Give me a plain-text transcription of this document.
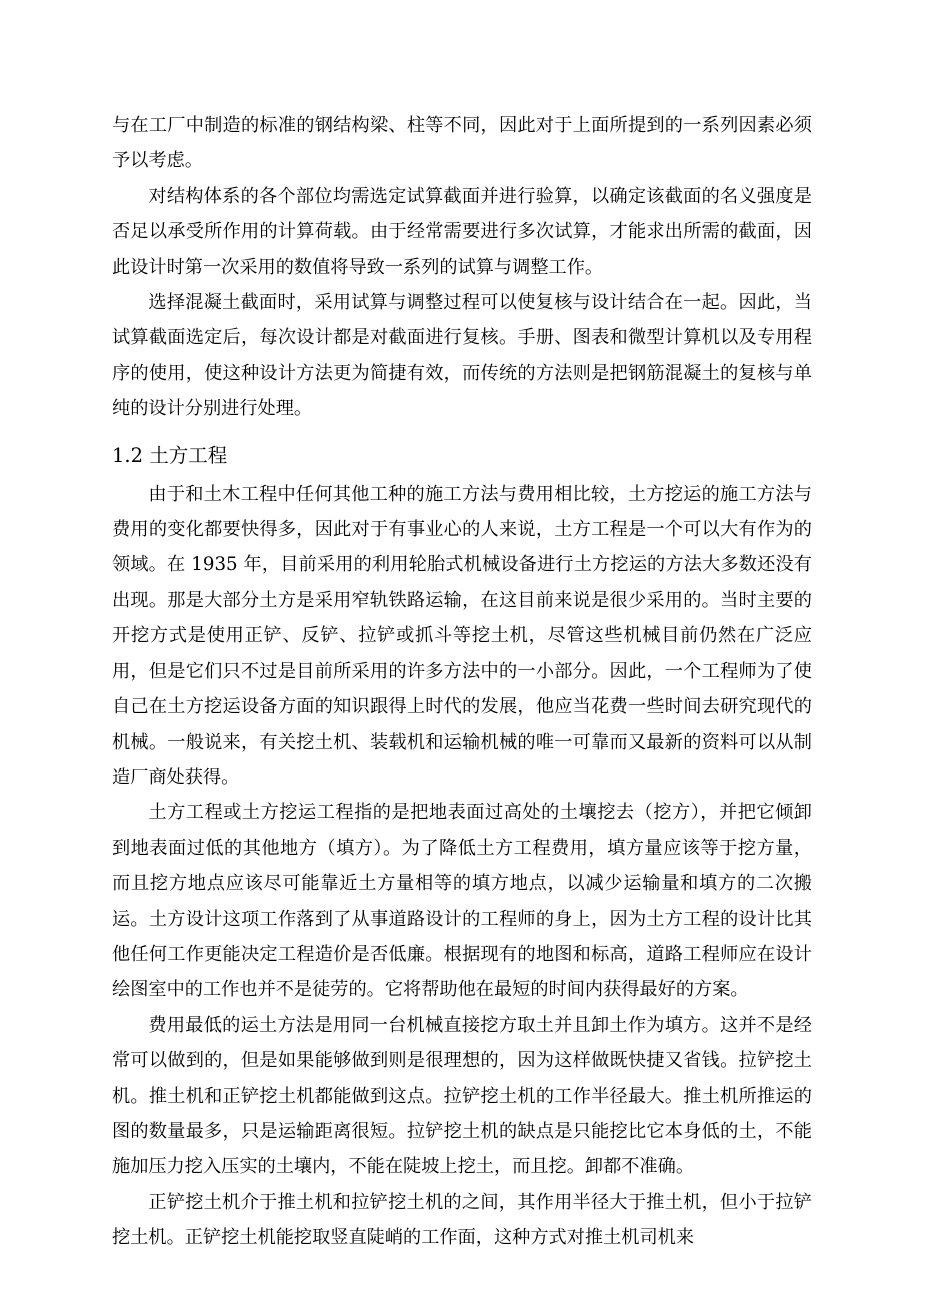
与在工厂中制造的标准的钢结构梁、柱等不同，因此对于上面所提到的一系列因素必须予以考虑。

对结构体系的各个部位均需选定试算截面并进行验算，以确定该截面的名义强度是否足以承受所作用的计算荷载。由于经常需要进行多次试算，才能求出所需的截面，因此设计时第一次采用的数值将导致一系列的试算与调整工作。

选择混凝土截面时，采用试算与调整过程可以使复核与设计结合在一起。因此，当试算截面选定后，每次设计都是对截面进行复核。手册、图表和微型计算机以及专用程序的使用，使这种设计方法更为简捷有效，而传统的方法则是把钢筋混凝土的复核与单纯的设计分别进行处理。

1.2 土方工程

由于和土木工程中任何其他工种的施工方法与费用相比较，土方挖运的施工方法与费用的变化都要快得多，因此对于有事业心的人来说，土方工程是一个可以大有作为的领域。在 1935 年，目前采用的利用轮胎式机械设备进行土方挖运的方法大多数还没有出现。那是大部分土方是采用窄轨铁路运输，在这目前来说是很少采用的。当时主要的开挖方式是使用正铲、反铲、拉铲或抓斗等挖土机，尽管这些机械目前仍然在广泛应用，但是它们只不过是目前所采用的许多方法中的一小部分。因此，一个工程师为了使自己在土方挖运设备方面的知识跟得上时代的发展，他应当花费一些时间去研究现代的机械。一般说来，有关挖土机、装载机和运输机械的唯一可靠而又最新的资料可以从制造厂商处获得。

土方工程或土方挖运工程指的是把地表面过高处的土壤挖去（挖方），并把它倾卸到地表面过低的其他地方（填方）。为了降低土方工程费用，填方量应该等于挖方量，而且挖方地点应该尽可能靠近土方量相等的填方地点，以减少运输量和填方的二次搬运。土方设计这项工作落到了从事道路设计的工程师的身上，因为土方工程的设计比其他任何工作更能决定工程造价是否低廉。根据现有的地图和标高，道路工程师应在设计绘图室中的工作也并不是徒劳的。它将帮助他在最短的时间内获得最好的方案。

费用最低的运土方法是用同一台机械直接挖方取土并且卸土作为填方。这并不是经常可以做到的，但是如果能够做到则是很理想的，因为这样做既快捷又省钱。拉铲挖土机。推土机和正铲挖土机都能做到这点。拉铲挖土机的工作半径最大。推土机所推运的图的数量最多，只是运输距离很短。拉铲挖土机的缺点是只能挖比它本身低的土，不能施加压力挖入压实的土壤内，不能在陡坡上挖土，而且挖。卸都不准确。

正铲挖土机介于推土机和拉铲挖土机的之间，其作用半径大于推土机，但小于拉铲挖土机。正铲挖土机能挖取竖直陡峭的工作面，这种方式对推土机司机来
